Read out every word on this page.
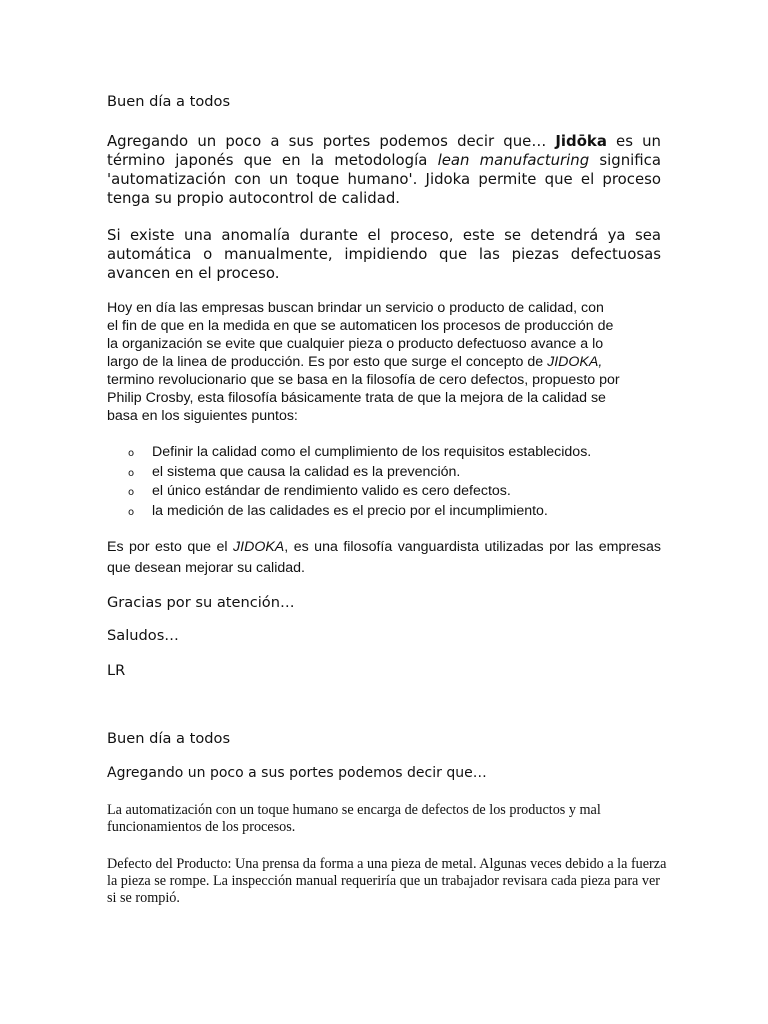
Buen día a todos

Agregando un poco a sus portes podemos decir que… Jidōka es un término japonés que en la metodología lean manufacturing significa 'automatización con un toque humano'. Jidoka permite que el proceso tenga su propio autocontrol de calidad.

Si existe una anomalía durante el proceso, este se detendrá ya sea automática o manualmente, impidiendo que las piezas defectuosas avancen en el proceso.

Hoy en día las empresas buscan brindar un servicio o producto de calidad, con
el fin de que en la medida en que se automaticen los procesos de producción de
la organización se evite que cualquier pieza o producto defectuoso avance a lo
largo de la linea de producción. Es por esto que surge el concepto de JIDOKA,
termino revolucionario que se basa en la filosofía de cero defectos, propuesto por
Philip Crosby, esta filosofía básicamente trata de que la mejora de la calidad se
basa en los siguientes puntos:

o Definir la calidad como el cumplimiento de los requisitos establecidos.
o el sistema que causa la calidad es la prevención.
o el único estándar de rendimiento valido es cero defectos.
o la medición de las calidades es el precio por el incumplimiento.

Es por esto que el JIDOKA, es una filosofía vanguardista utilizadas por las empresas que desean mejorar su calidad.

Gracias por su atención…

Saludos…

LR

Buen día a todos

Agregando un poco a sus portes podemos decir que…

La automatización con un toque humano se encarga de defectos de los productos y mal funcionamientos de los procesos.

Defecto del Producto: Una prensa da forma a una pieza de metal. Algunas veces debido a la fuerza la pieza se rompe. La inspección manual requeriría que un trabajador revisara cada pieza para ver si se rompió.
